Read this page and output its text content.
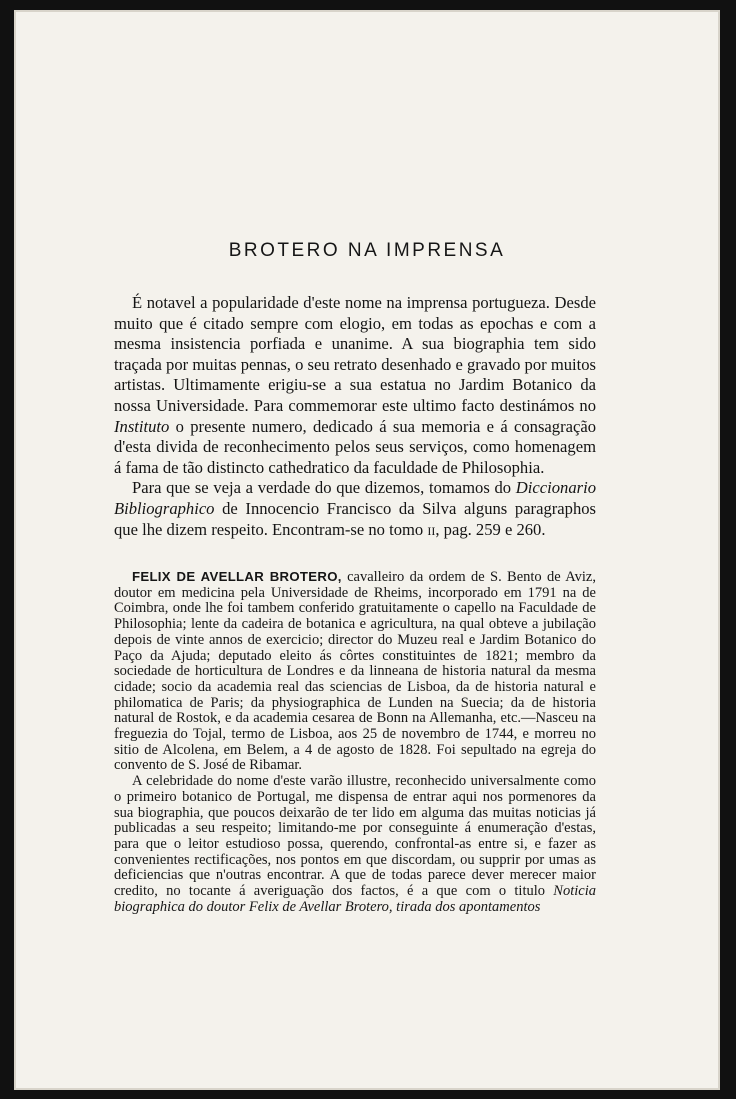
BROTERO NA IMPRENSA

É notavel a popularidade d'este nome na imprensa portugueza. Desde muito que é citado sempre com elogio, em todas as epochas e com a mesma insistencia porfiada e unanime. A sua biographia tem sido traçada por muitas pennas, o seu retrato desenhado e gravado por muitos artistas. Ultimamente erigiu-se a sua estatua no Jardim Botanico da nossa Universidade. Para commemorar este ultimo facto destinámos no Instituto o presente numero, dedicado á sua memoria e á consagração d'esta divida de reconhecimento pelos seus serviços, como homenagem á fama de tão distincto cathedratico da faculdade de Philosophia.

Para que se veja a verdade do que dizemos, tomamos do Diccionario Bibliographico de Innocencio Francisco da Silva alguns paragraphos que lhe dizem respeito. Encontram-se no tomo ii, pag. 259 e 260.

FELIX DE AVELLAR BROTERO, cavalleiro da ordem de S. Bento de Aviz, doutor em medicina pela Universidade de Rheims, incorporado em 1791 na de Coimbra, onde lhe foi tambem conferido gratuitamente o capello na Faculdade de Philosophia; lente da cadeira de botanica e agricultura, na qual obteve a jubilação depois de vinte annos de exercicio; director do Muzeu real e Jardim Botanico do Paço da Ajuda; deputado eleito ás côrtes constituintes de 1821; membro da sociedade de horticultura de Londres e da linneana de historia natural da mesma cidade; socio da academia real das sciencias de Lisboa, da de historia natural e philomatica de Paris; da physiographica de Lunden na Suecia; da de historia natural de Rostok, e da academia cesarea de Bonn na Allemanha, etc.—Nasceu na freguezia do Tojal, termo de Lisboa, aos 25 de novembro de 1744, e morreu no sitio de Alcolena, em Belem, a 4 de agosto de 1828. Foi sepultado na egreja do convento de S. José de Ribamar.

A celebridade do nome d'este varão illustre, reconhecido universalmente como o primeiro botanico de Portugal, me dispensa de entrar aqui nos pormenores da sua biographia, que poucos deixarão de ter lido em alguma das muitas noticias já publicadas a seu respeito; limitando-me por conseguinte á enumeração d'estas, para que o leitor estudioso possa, querendo, confrontal-as entre si, e fazer as convenientes rectificações, nos pontos em que discordam, ou supprir por umas as deficiencias que n'outras encontrar. A que de todas parece dever merecer maior credito, no tocante á averiguação dos factos, é a que com o titulo Noticia biographica do doutor Felix de Avellar Brotero, tirada dos apontamentos
